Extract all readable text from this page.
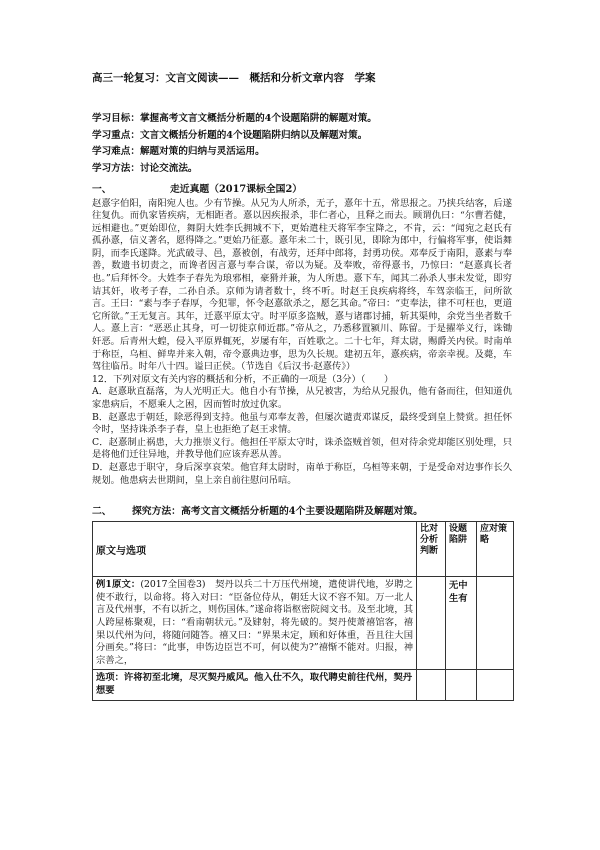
高三一轮复习：文言文阅读——　概括和分析文章内容　学案

学习目标：掌握高考文言文概括分析题的4个设题陷阱的解题对策。

学习重点：文言文概括分析题的4个设题陷阱归纳以及解题对策。

学习难点：解题对策的归纳与灵活运用。

学习方法：讨论交流法。

一、	走近真题（2017课标全国2）

赵憙字伯阳，南阳宛人也。少有节操。从兄为人所杀，无子，憙年十五，常思报之。乃挟兵结客，后遂往复仇。而仇家皆疾病，无相距者。憙以因疾报杀，非仁者心，且释之而去。顾谓仇曰：“尔曹若健，远相避也。”更始即位，舞阴大姓李氏拥城不下，更始遣柱天将军李宝降之，不肯，云：“闻宛之赵氏有孤孙憙，信义著名，愿得降之。”更始乃征憙。憙年未二十，既引见，即除为郎中，行偏将军事，使诣舞阴，而李氏遂降。光武破寻、邑，憙被创，有战劳，还拜中郎将，封勇功侯。邓奉反于南阳，憙素与奉善，数遗书切责之，而谗者因言憙与奉合谋，帝以为疑。及奉败，帝得憙书，乃惊曰：“赵憙真长者也。”后拜怀令。大姓李子春先为琅邪相，豪猾并兼，为人所患。憙下车，闻其二孙杀人事未发觉，即穷诘其奸，收考子春，二孙自杀。京师为请者数十，终不听。时赵王良疾病将终，车驾亲临王，问所欲言。王曰：“素与李子春厚，今犯罪，怀令赵憙欲杀之，愿乞其命。”帝曰：“吏奉法，律不可枉也，更道它所欲。”王无复言。其年，迁憙平原太守。时平原多盗贼，憙与诸郡讨捕，斩其渠帅，余党当坐者数千人。憙上言：“恶恶止其身，可一切徙京师近郡。”帝从之，乃悉移置颍川、陈留。于是擢举义行，诛锄奸恶。后青州大蝗，侵入平原界辄死，岁屡有年，百姓歌之。二十七年，拜太尉，赐爵关内侯。时南单于称臣，乌桓、鲜卑并来入朝，帝令憙典边事，思为久长规。建初五年，憙疾病，帝亲幸视。及薨，车驾往临吊。时年八十四。谥曰正侯。（节选自《后汉书·赵憙传》）

12．下列对原文有关内容的概括和分析，不正确的一项是（3分）（　　）

A．赵憙耿直磊落，为人光明正大。他自小有节操，从兄被害，为给从兄报仇，他有备而往，但知道仇家患病后，不愿乘人之困，因而暂时放过仇家。

B．赵憙忠于朝廷，除恶得到支持。他虽与邓奉友善，但屡次谴责邓谋反，最终受到皇上赞赏。担任怀令时，坚持诛杀李子春，皇上也拒绝了赵王求情。

C．赵憙制止祸患，大力推崇义行。他担任平原太守时，诛杀盗贼首领，但对待余党却能区别处理，只是将他们迁往异地，并教导他们应该弃恶从善。

D．赵憙忠于职守，身后深享哀荣。他官拜太尉时，南单于称臣，乌桓等来朝，于是受命对边事作长久规划。他患病去世期间，皇上亲自前往慰问吊唁。

二、 探究方法：高考文言文概括分析题的4个主要设题陷阱及解题对策。
原文与选项	比对分析判断	设题陷阱	应对策略
例1原文：(2017全国卷3)　契丹以兵二十万压代州境，遣使讲代地，岁聘之使不敢行，以命将。将入对曰：“臣备位侍从，朝廷大议不容不知。万一北人言及代州事，不有以折之，则伤国体。”遂命将诣枢密院阅文书。及至北境，其人跨屋栋聚观，曰：“看南朝状元。”及肄射，将先破的。契丹使萧禧馆客，禧果以代州为问，将随问随答。禧又曰：“界果未定，顾和好体重，吾且往大国分画矣。”将曰：“此事，申饬边臣岂不可，何以使为?”禧惭不能对。归报，神宗善之，		无中生有	
选项：许将初至北境，尽灭契丹威风。他入仕不久，取代聘史前往代州，契丹想要			
